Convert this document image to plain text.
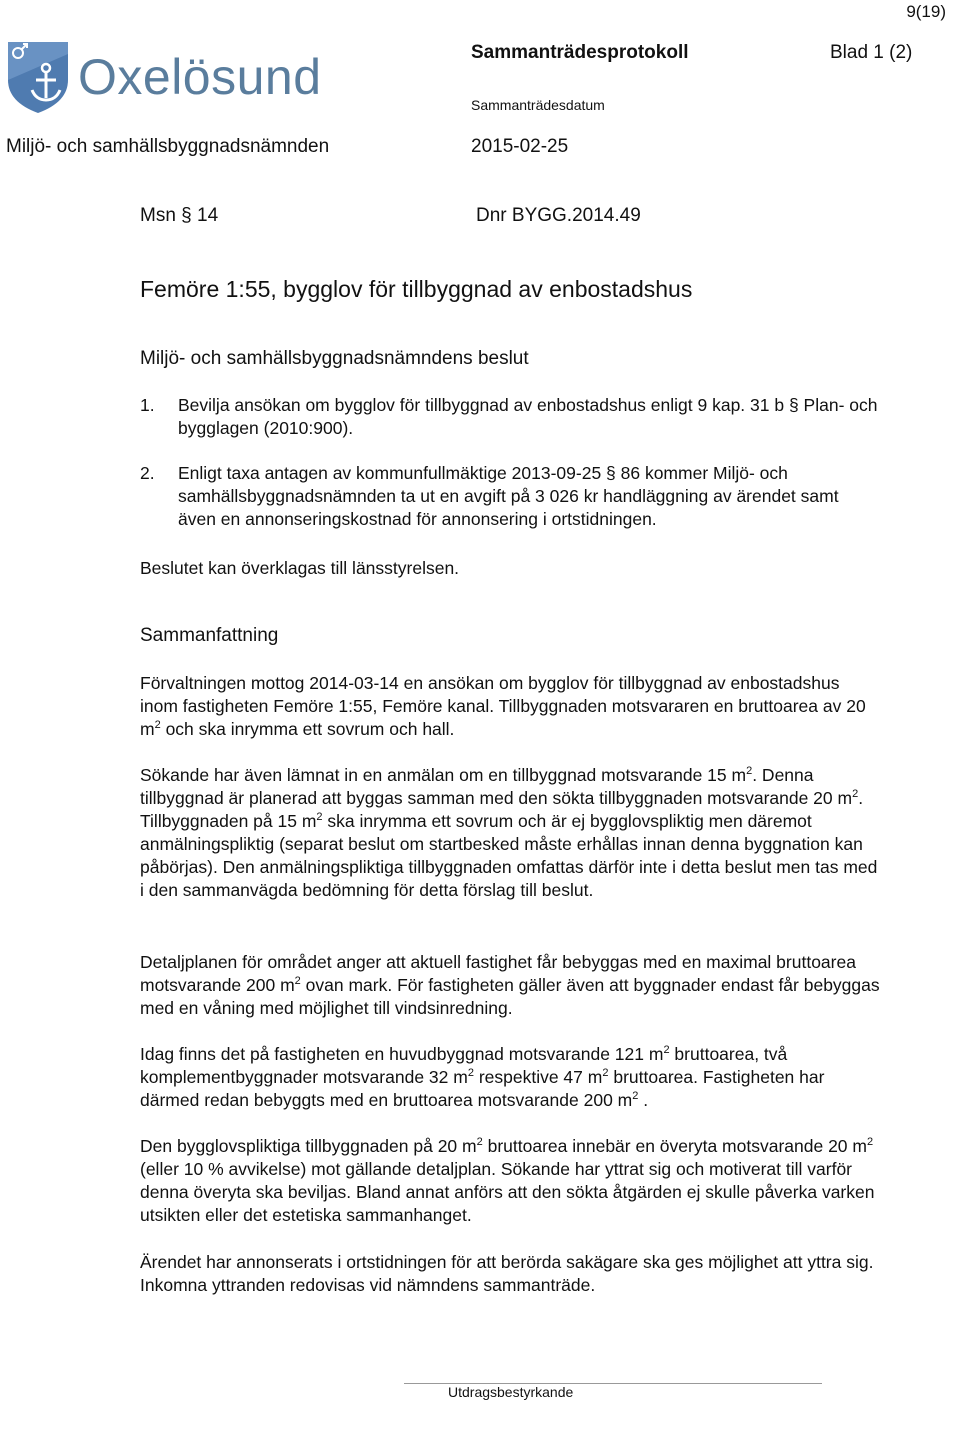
9(19)
Oxelösund	Sammanträdesprotokoll	Blad 1 (2)
Sammanträdesdatum
Miljö- och samhällsbyggnadsnämnden	2015-02-25
Msn § 14	Dnr BYGG.2014.49
Femöre 1:55, bygglov för tillbyggnad av enbostadshus
Miljö- och samhällsbyggnadsnämndens beslut
1.	Bevilja ansökan om bygglov för tillbyggnad av enbostadshus enligt 9 kap. 31 b § Plan- och bygglagen (2010:900).
2.	Enligt taxa antagen av kommunfullmäktige 2013-09-25 § 86 kommer Miljö- och samhällsbyggnadsnämnden ta ut en avgift på 3 026 kr handläggning av ärendet samt även en annonseringskostnad för annonsering i ortstidningen.
Beslutet kan överklagas till länsstyrelsen.
Sammanfattning

Förvaltningen mottog 2014-03-14 en ansökan om bygglov för tillbyggnad av enbostadshus inom fastigheten Femöre 1:55, Femöre kanal. Tillbyggnaden motsvararen en bruttoarea av 20 $m^2$ och ska inrymma ett sovrum och hall.

Sökande har även lämnat in en anmälan om en tillbyggnad motsvarande 15 $m^2$. Denna tillbyggnad är planerad att byggas samman med den sökta tillbyggnaden motsvarande 20 $m^2$. Tillbyggnaden på 15 $m^2$ ska inrymma ett sovrum och är ej bygglovspliktig men däremot anmälningspliktig (separat beslut om startbesked måste erhållas innan denna byggnation kan påbörjas). Den anmälningspliktiga tillbyggnaden omfattas därför inte i detta beslut men tas med i den sammanvägda bedömning för detta förslag till beslut.

Detaljplanen för området anger att aktuell fastighet får bebyggas med en maximal bruttoarea motsvarande 200 $m^2$ ovan mark. För fastigheten gäller även att byggnader endast får bebyggas med en våning med möjlighet till vindsinredning.

Idag finns det på fastigheten en huvudbyggnad motsvarande 121 $m^2$ bruttoarea, två komplementbyggnader motsvarande 32 $m^2$ respektive 47 $m^2$ bruttoarea. Fastigheten har därmed redan bebyggts med en bruttoarea motsvarande 200 $m^2$ .

Den bygglovspliktiga tillbyggnaden på 20 $m^2$ bruttoarea innebär en överyta motsvarande 20 $m^2$ (eller 10 % avvikelse) mot gällande detaljplan. Sökande har yttrat sig och motiverat till varför denna överyta ska beviljas. Bland annat anförs att den sökta åtgärden ej skulle påverka varken utsikten eller det estetiska sammanhanget.

Ärendet har annonserats i ortstidningen för att berörda sakägare ska ges möjlighet att yttra sig. Inkomna yttranden redovisas vid nämndens sammanträde.

Utdragsbestyrkande
